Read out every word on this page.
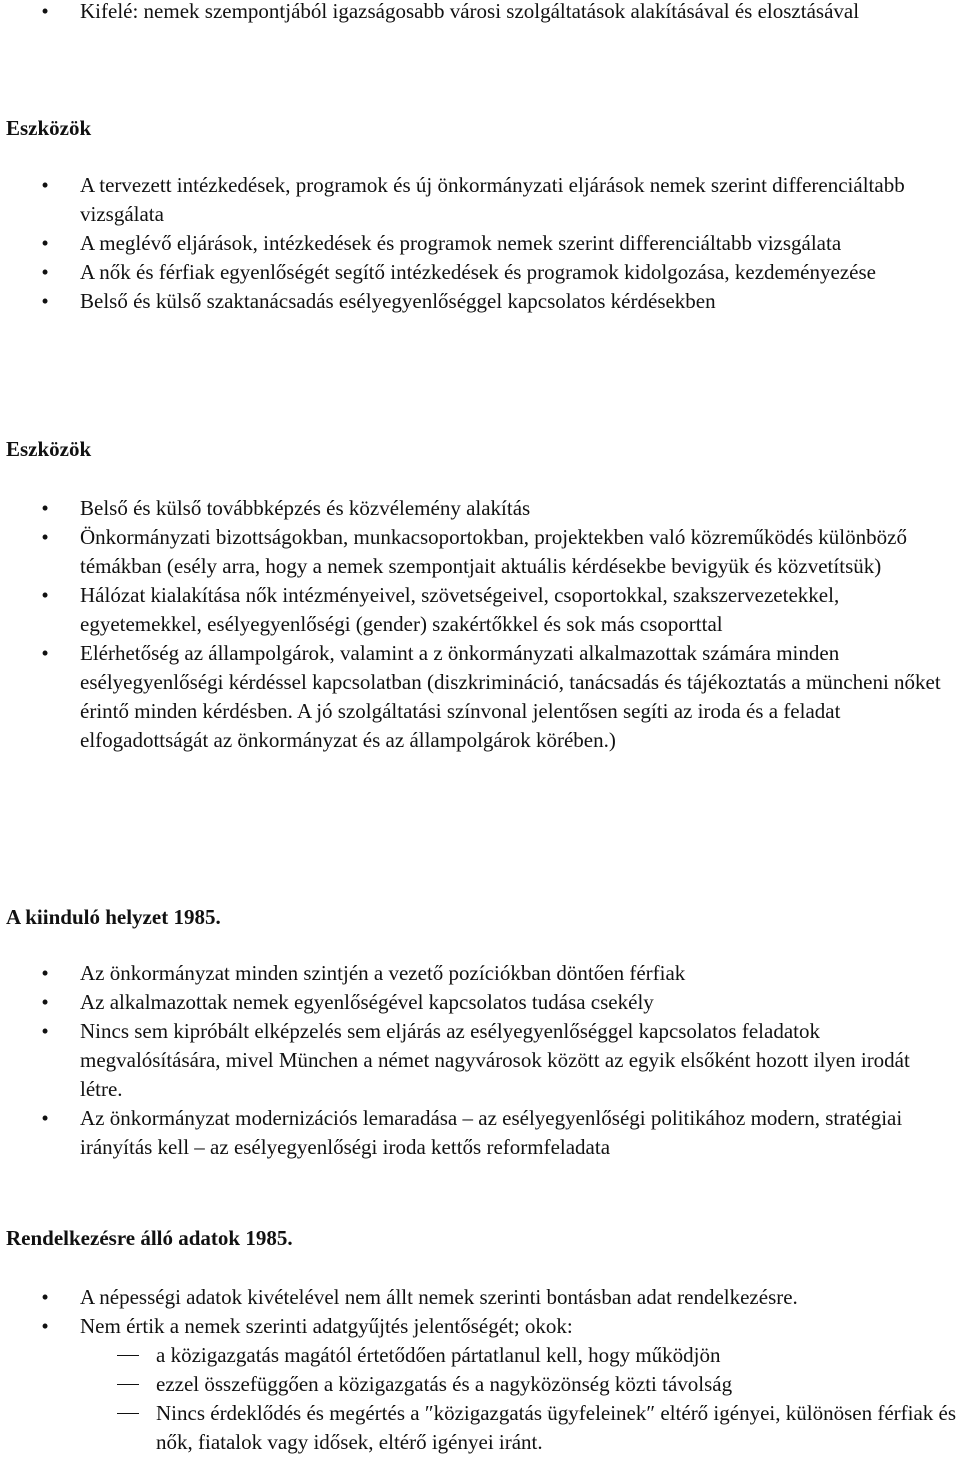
• Kifelé: nemek szempontjából igazságosabb városi szolgáltatások alakításával és elosztásával
Eszközök
• A tervezett intézkedések, programok és új önkormányzati eljárások nemek szerint differenciáltabb vizsgálata
• A meglévő eljárások, intézkedések és programok nemek szerint differenciáltabb vizsgálata
• A nők és férfiak egyenlőségét segítő intézkedések és programok kidolgozása, kezdeményezése
• Belső és külső szaktanácsadás esélyegyenlőséggel kapcsolatos kérdésekben
Eszközök
• Belső és külső továbbképzés és közvélemény alakítás
• Önkormányzati bizottságokban, munkacsoportokban, projektekben való közreműködés különböző témákban (esély arra, hogy a nemek szempontjait aktuális kérdésekbe bevigyük és közvetítsük)
• Hálózat kialakítása nők intézményeivel, szövetségeivel, csoportokkal, szakszervezetekkel, egyetemekkel, esélyegyenlőségi (gender) szakértőkkel és sok más csoporttal
• Elérhetőség az állampolgárok, valamint a z önkormányzati alkalmazottak számára minden esélyegyenlőségi kérdéssel kapcsolatban (diszkrimináció, tanácsadás és tájékoztatás a müncheni nőket érintő minden kérdésben. A jó szolgáltatási színvonal jelentősen segíti az iroda és a feladat elfogadottságát az önkormányzat és az állampolgárok körében.)
A kiinduló helyzet 1985.
• Az önkormányzat minden szintjén a vezető pozíciókban döntően férfiak
• Az alkalmazottak nemek egyenlőségével kapcsolatos tudása csekély
• Nincs sem kipróbált elképzelés sem eljárás az esélyegyenlőséggel kapcsolatos feladatok megvalósítására, mivel München a német nagyvárosok között az egyik elsőként hozott ilyen irodát létre.
• Az önkormányzat modernizációs lemaradása – az esélyegyenlőségi politikához modern, stratégiai irányítás kell – az esélyegyenlőségi iroda kettős reformfeladata
Rendelkezésre álló adatok 1985.
• A népességi adatok kivételével nem állt nemek szerinti bontásban adat rendelkezésre.
• Nem értik a nemek szerinti adatgyűjtés jelentőségét; okok:
a közigazgatás magától értetődően pártatlanul kell, hogy működjön
ezzel összefüggően a közigazgatás és a nagyközönség közti távolság
Nincs érdeklődés és megértés a ″közigazgatás ügyfeleinek″ eltérő igényei, különösen férfiak és nők, fiatalok vagy idősek, eltérő igényei iránt.
